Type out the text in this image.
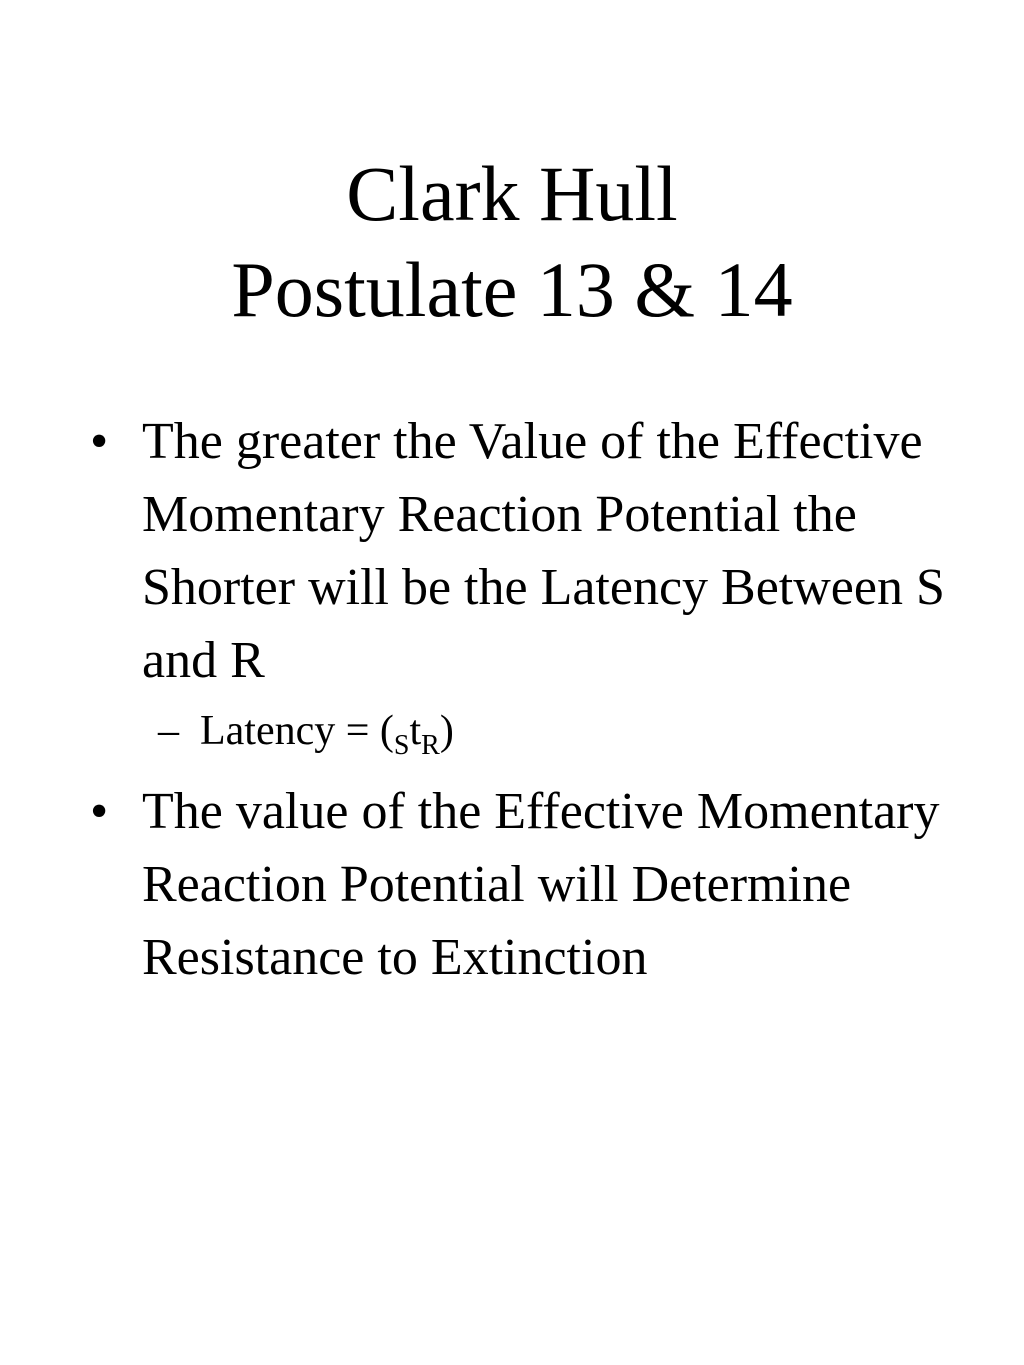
Clark Hull
Postulate 13 & 14
• The greater the Value of the Effective Momentary Reaction Potential the Shorter will be the Latency Between S and R
– Latency = $(_St_R)$
• The value of the Effective Momentary Reaction Potential will Determine Resistance to Extinction
